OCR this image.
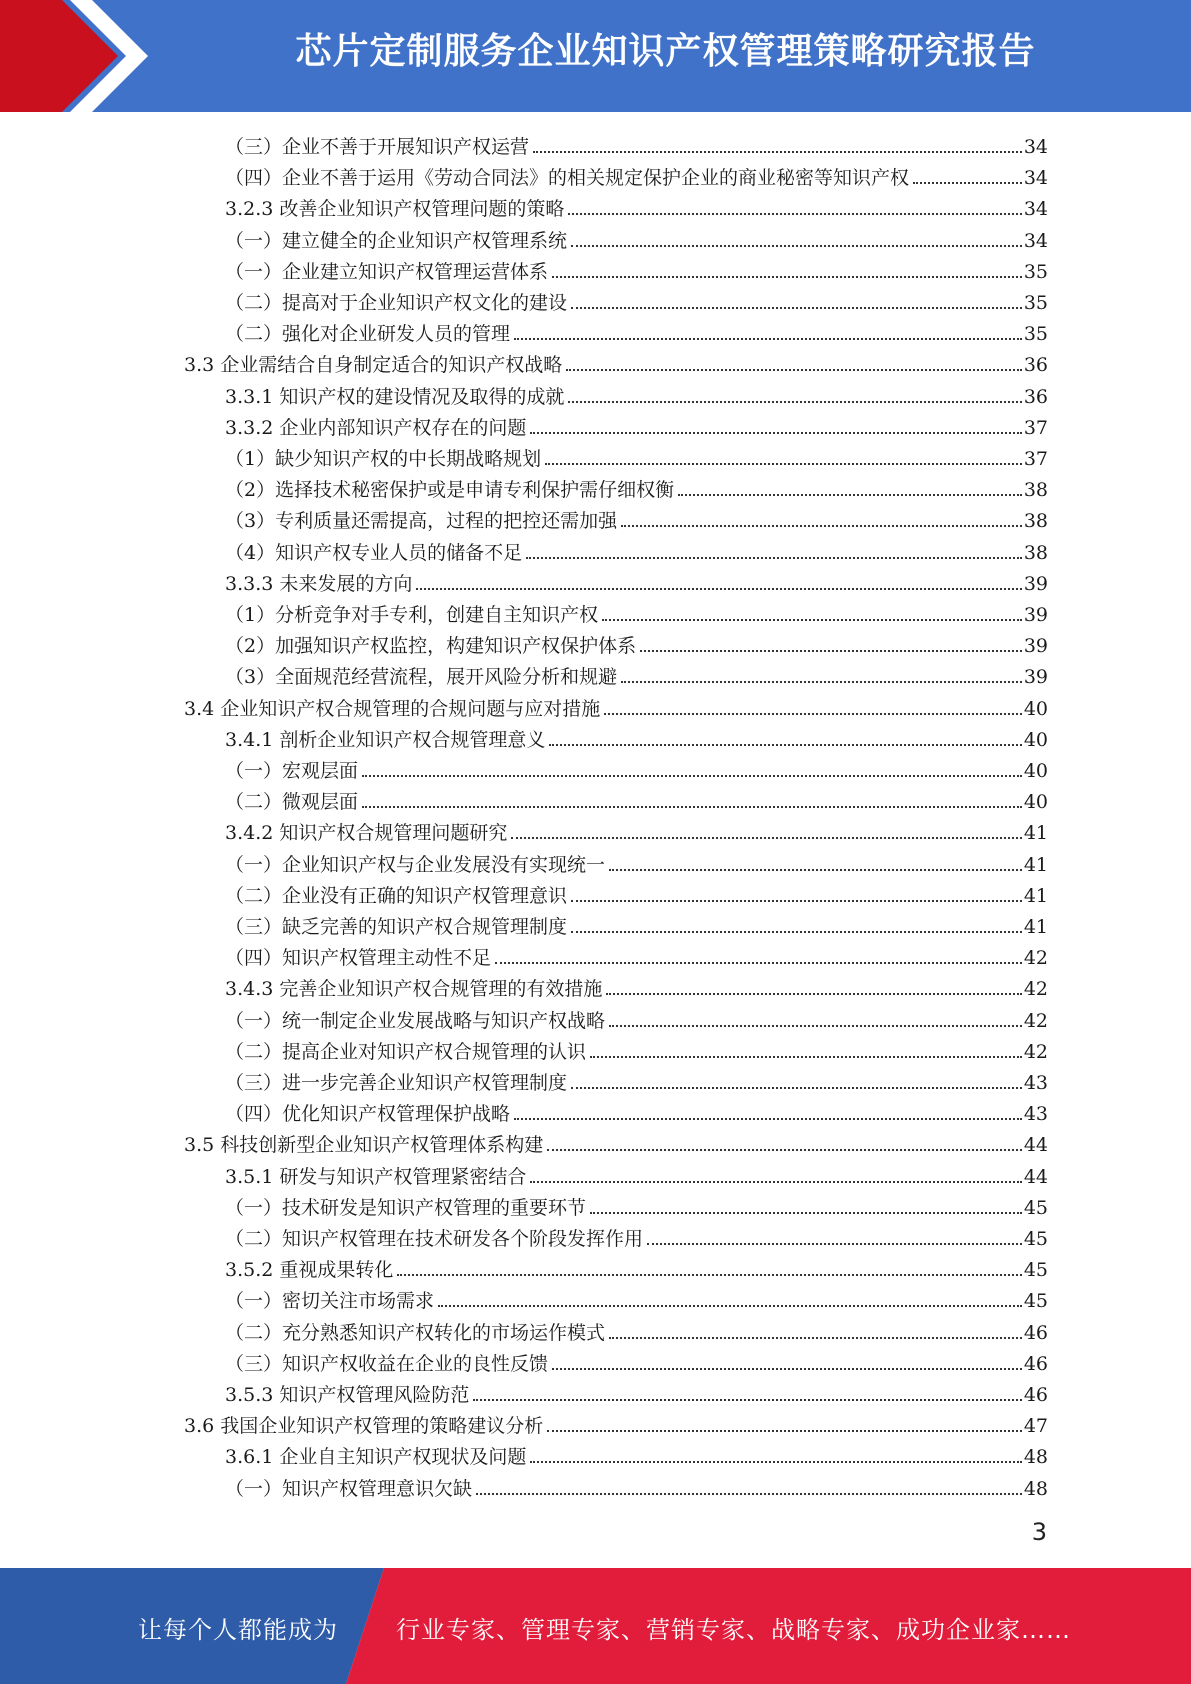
芯片定制服务企业知识产权管理策略研究报告
（三）企业不善于开展知识产权运营	34
（四）企业不善于运用《劳动合同法》的相关规定保护企业的商业秘密等知识产权	34
3.2.3 改善企业知识产权管理问题的策略	34
（一）建立健全的企业知识产权管理系统	34
（一）企业建立知识产权管理运营体系	35
（二）提高对于企业知识产权文化的建设	35
（二）强化对企业研发人员的管理	35
3.3 企业需结合自身制定适合的知识产权战略	36
3.3.1 知识产权的建设情况及取得的成就	36
3.3.2 企业内部知识产权存在的问题	37
（1）缺少知识产权的中长期战略规划	37
（2）选择技术秘密保护或是申请专利保护需仔细权衡	38
（3）专利质量还需提高，过程的把控还需加强	38
（4）知识产权专业人员的储备不足	38
3.3.3 未来发展的方向	39
（1）分析竞争对手专利，创建自主知识产权	39
（2）加强知识产权监控，构建知识产权保护体系	39
（3）全面规范经营流程，展开风险分析和规避	39
3.4 企业知识产权合规管理的合规问题与应对措施	40
3.4.1 剖析企业知识产权合规管理意义	40
（一）宏观层面	40
（二）微观层面	40
3.4.2 知识产权合规管理问题研究	41
（一）企业知识产权与企业发展没有实现统一	41
（二）企业没有正确的知识产权管理意识	41
（三）缺乏完善的知识产权合规管理制度	41
（四）知识产权管理主动性不足	42
3.4.3 完善企业知识产权合规管理的有效措施	42
（一）统一制定企业发展战略与知识产权战略	42
（二）提高企业对知识产权合规管理的认识	42
（三）进一步完善企业知识产权管理制度	43
（四）优化知识产权管理保护战略	43
3.5 科技创新型企业知识产权管理体系构建	44
3.5.1 研发与知识产权管理紧密结合	44
（一）技术研发是知识产权管理的重要环节	45
（二）知识产权管理在技术研发各个阶段发挥作用	45
3.5.2 重视成果转化	45
（一）密切关注市场需求	45
（二）充分熟悉知识产权转化的市场运作模式	46
（三）知识产权收益在企业的良性反馈	46
3.5.3 知识产权管理风险防范	46
3.6 我国企业知识产权管理的策略建议分析	47
3.6.1 企业自主知识产权现状及问题	48
（一）知识产权管理意识欠缺	48
3
让每个人都能成为 行业专家、管理专家、营销专家、战略专家、成功企业家……
